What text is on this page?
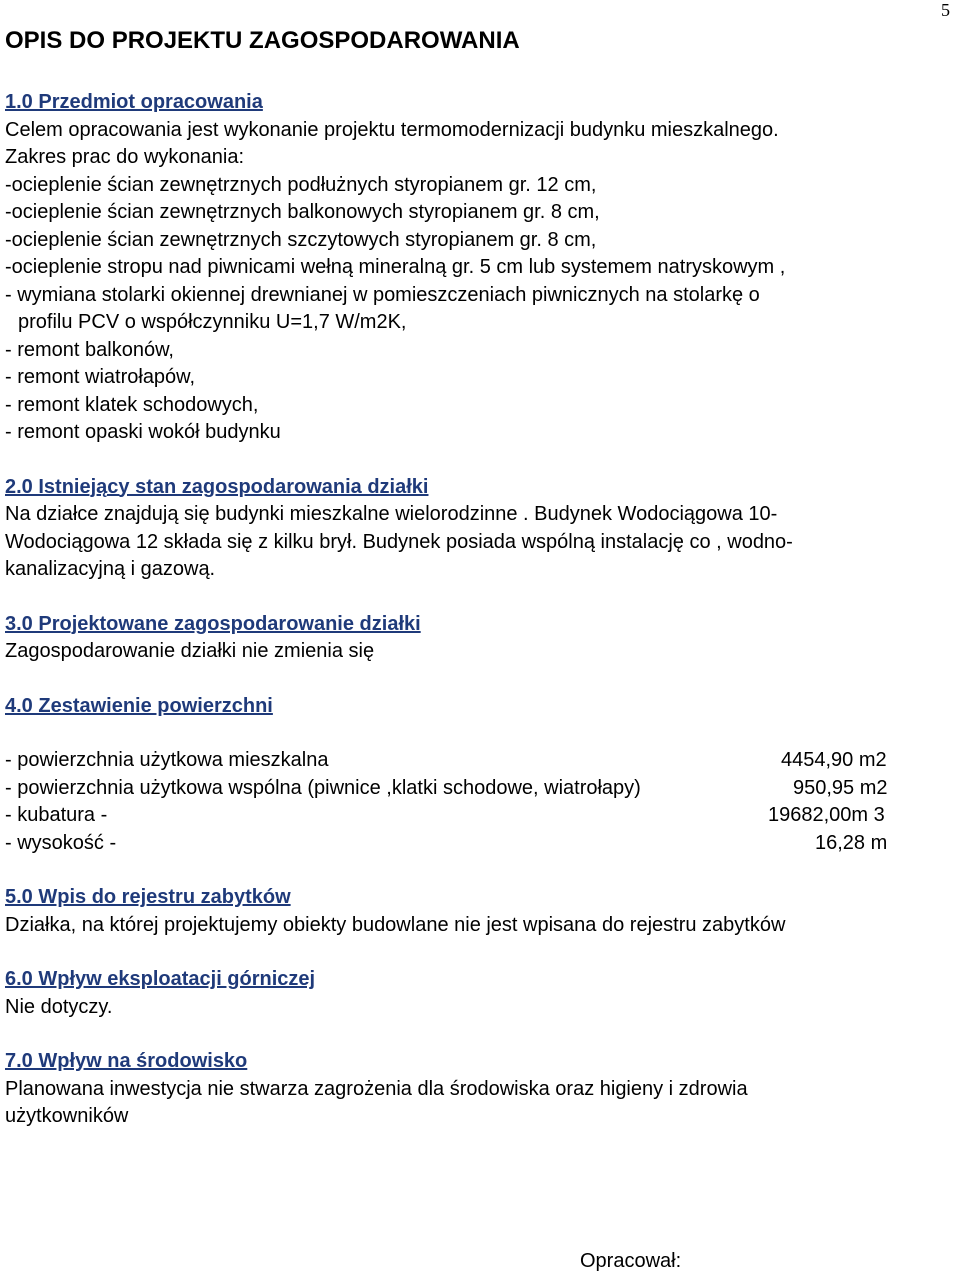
5
OPIS DO PROJEKTU ZAGOSPODAROWANIA
1.0 Przedmiot opracowania
Celem opracowania jest wykonanie projektu termomodernizacji budynku mieszkalnego.
Zakres prac do wykonania:
-ocieplenie ścian zewnętrznych podłużnych styropianem gr. 12 cm,
-ocieplenie ścian zewnętrznych balkonowych styropianem gr. 8 cm,
-ocieplenie ścian zewnętrznych szczytowych styropianem gr. 8 cm,
-ocieplenie stropu nad piwnicami wełną mineralną gr. 5 cm lub systemem natryskowym ,
- wymiana stolarki okiennej drewnianej w pomieszczeniach piwnicznych na stolarkę o
profilu PCV o współczynniku U=1,7 W/m2K,
- remont balkonów,
- remont wiatrołapów,
- remont klatek schodowych,
- remont opaski wokół budynku
2.0 Istniejący stan zagospodarowania działki
Na działce znajdują się budynki mieszkalne wielorodzinne . Budynek Wodociągowa 10-
Wodociągowa 12 składa się z kilku brył. Budynek posiada wspólną instalację co , wodno-
kanalizacyjną i gazową.
3.0 Projektowane zagospodarowanie działki
Zagospodarowanie działki nie zmienia się
4.0 Zestawienie powierzchni
- powierzchnia użytkowa mieszkalna	4454,90 m2
- powierzchnia użytkowa wspólna (piwnice ,klatki schodowe, wiatrołapy)	950,95 m2
- kubatura -	19682,00m 3
- wysokość -	16,28 m
5.0 Wpis do rejestru zabytków
Działka, na której projektujemy obiekty budowlane nie jest wpisana do rejestru zabytków
6.0 Wpływ eksploatacji górniczej
Nie dotyczy.
7.0 Wpływ na środowisko
Planowana inwestycja nie stwarza zagrożenia dla środowiska oraz higieny i zdrowia
użytkowników
Opracował:
